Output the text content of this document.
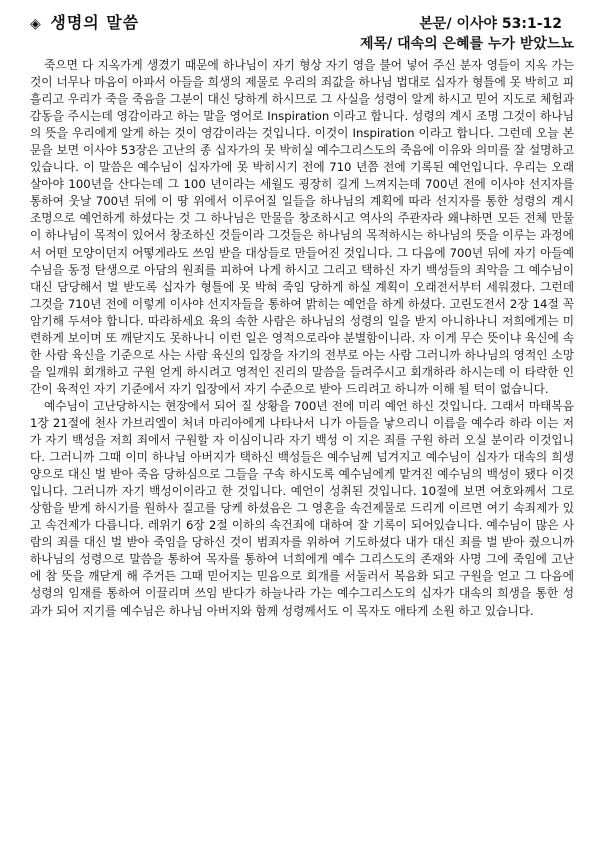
◈ 생명의 말씀	본문/ 이사야 53:1-12
제목/ 대속의 은혜를 누가 받았느뇨

죽으면 다 지옥가게 생겼기 때문에 하나님이 자기 형상 자기 영을 불어 넣어 주신 분자 영들이 지옥 가는 것이 너무나 마음이 아파서 아들을 희생의 제물로 우리의 죄값을 하나님 법대로 십자가 형틀에 못 박히고 피 흘리고 우리가 죽을 죽음을 그분이 대신 당하게 하시므로 그 사실을 성령이 알게 하시고 믿어 지도로 체험과 감동을 주시는데 영감이라고 하는 말을 영어로 Inspiration 이라고 합니다. 성령의 계시 조명 그것이 하나님의 뜻을 우리에게 알게 하는 것이 영감이라는 것입니다. 이것이 Inspiration 이라고 합니다. 그런데 오늘 본문을 보면 이사야 53장은 고난의 종 십자가의 못 박히실 예수그리스도의 죽음에 이유와 의미를 잘 설명하고 있습니다. 이 말씀은 예수님이 십자가에 못 박히시기 전에 710 년쯤 전에 기록된 예언입니다. 우리는 오래 살아야 100년을 산다는데 그 100 년이라는 세월도 굉장히 길게 느껴지는데 700년 전에 이사야 선지자를 통하여 웃날 700년 뒤에 이 땅 위에서 이루어질 일들을 하나님의 계획에 따라 선지자를 통한 성령의 계시 조명으로 예언하게 하셨다는 것 그 하나님은 만물을 창조하시고 역사의 주관자라 왜냐하면 모든 전체 만물이 하나님이 목적이 있어서 창조하신 것들이라 그것들은 하나님의 목적하시는 하나님의 뜻을 이루는 과정에서 어떤 모양이던지 어떻게라도 쓰임 받을 대상들로 만들어진 것입니다. 그 다음에 700년 뒤에 자기 아들예수님을 동정 탄생으로 아담의 원죄를 피하여 나게 하시고 그리고 택하신 자기 백성들의 죄악을 그 예수님이 대신 담당해서 벌 받도록 십자가 형틀에 못 박혀 죽임 당하게 하실 계획이 오래전서부터 세워졌다. 그런데 그것을 710년 전에 이렇게 이사야 선지자들을 통하여 밝히는 예언을 하게 하셨다. 고린도전서 2장 14절 꼭 암기해 두셔야 합니다. 따라하세요 육의 속한 사람은 하나님의 성령의 일을 받지 아니하나니 저희에게는 미련하게 보이며 또 깨닫지도 못하나니 이런 일은 영적으로라야 분별함이니라. 자 이게 무슨 뜻이냐 육신에 속한 사람 육신을 기준으로 사는 사람 육신의 입장을 자기의 전부로 아는 사람 그러니까 하나님의 영적인 소망을 일깨워 회개하고 구원 얻게 하시려고 영적인 진리의 말씀을 들려주시고 회개하라 하시는데 이 타락한 인간이 육적인 자기 기준에서 자기 입장에서 자기 수준으로 받아 드리려고 하니까 이해 될 턱이 없습니다.

예수님이 고난당하시는 현장에서 되어 질 상황을 700년 전에 미리 예언 하신 것입니다. 그래서 마태복음 1장 21절에 천사 가브리엘이 처녀 마리아에게 나타나서 니가 아들을 낳으리니 이름을 예수라 하라 이는 저가 자기 백성을 저희 죄에서 구원할 자 이심이니라 자기 백성 이 지은 죄를 구원 하러 오실 분이라 이것입니다. 그러니까 그때 이미 하나님 아버지가 택하신 백성들은 예수님께 넘겨지고 예수님이 십자가 대속의 희생양으로 대신 벌 받아 죽음 당하심으로 그들을 구속 하시도록 예수님에게 맡겨진 예수님의 백성이 됐다 이것입니다. 그러니까 자기 백성이이라고 한 것입니다. 예언이 성취된 것입니다. 10절에 보면 여호와께서 그로 상함을 받게 하시기를 원하사 질고를 당케 하셨음은 그 영혼을 속건제물로 드리게 이르면 여기 속죄제가 있고 속건제가 다릅니다. 레위기 6장 2절 이하의 속건죄에 대하여 잘 기록이 되어있습니다. 예수님이 많은 사람의 죄를 대신 벌 받아 죽임을 당하신 것이 범죄자를 위하여 기도하셨다 내가 대신 죄를 벌 받아 줬으니까 하나님의 성령으로 말씀을 통하여 목자를 통하여 너희에게 예수 그리스도의 존재와 사명 그에 죽임에 고난에 참 뜻을 깨닫게 해 주거든 그때 믿어지는 믿음으로 회개를 서둘러서 복음화 되고 구원을 얻고 그 다음에 성령의 임재를 통하여 이끌리며 쓰임 받다가 하늘나라 가는 예수그리스도의 십자가 대속의 희생을 통한 성과가 되어 지기를 예수님은 하나님 아버지와 함께 성령께서도 이 목자도 애타게 소원 하고 있습니다.
